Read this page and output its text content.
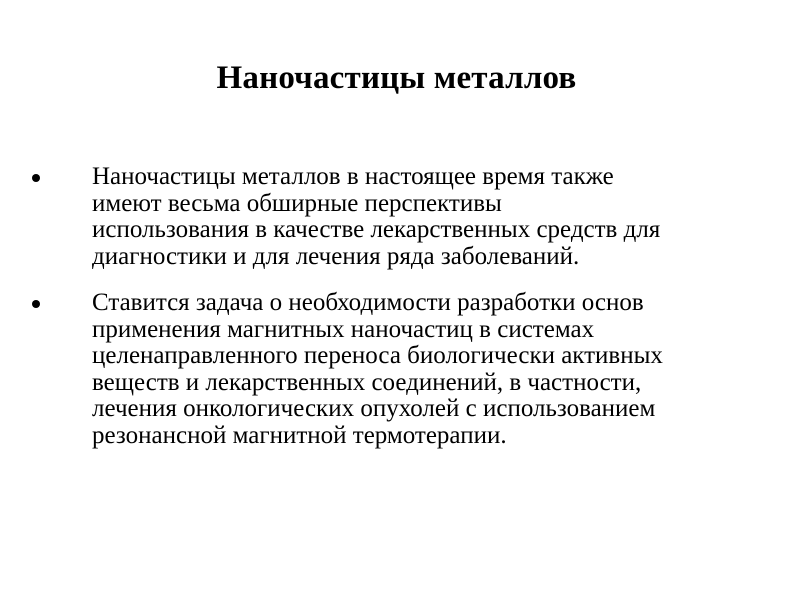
Наночастицы металлов
Наночастицы металлов в настоящее время также
имеют весьма обширные перспективы
использования в качестве лекарственных средств для
диагностики и для лечения ряда заболеваний.
Ставится задача о необходимости разработки основ
применения магнитных наночастиц в системах
целенаправленного переноса биологически активных
веществ и лекарственных соединений, в частности,
лечения онкологических опухолей с использованием
резонансной магнитной термотерапии.
